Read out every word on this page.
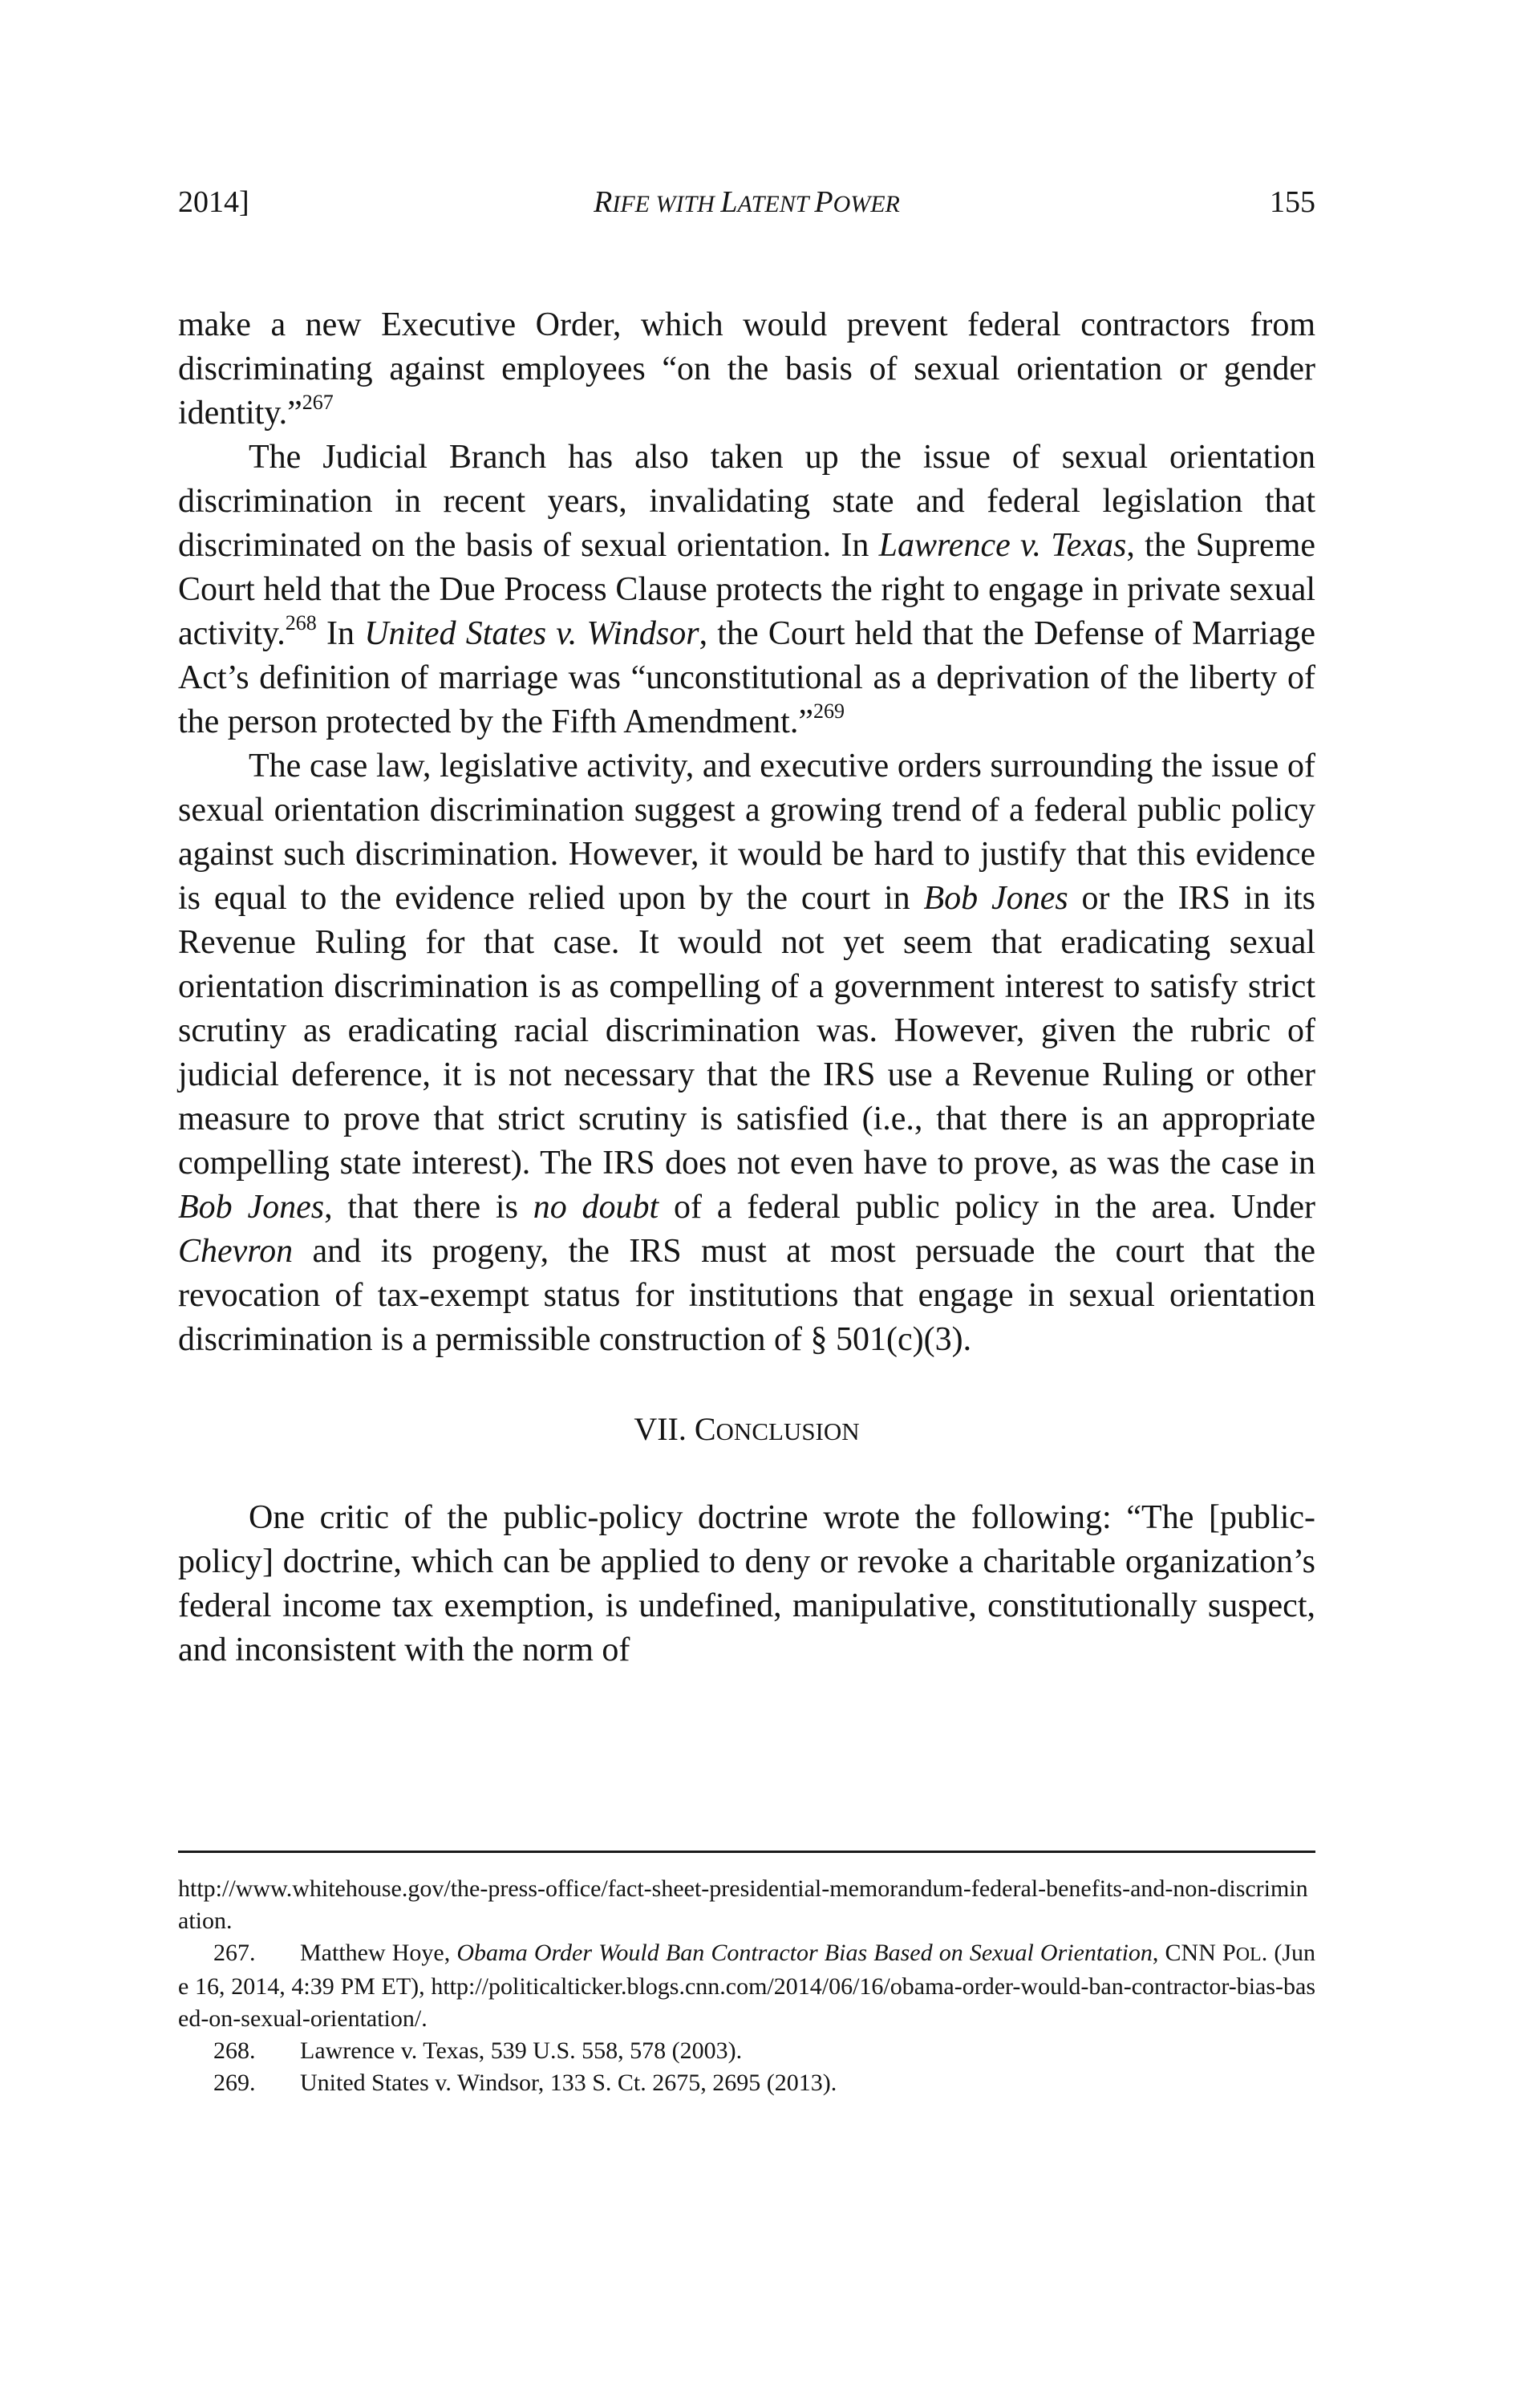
2014]	RIFE WITH LATENT POWER	155

make a new Executive Order, which would prevent federal contractors from discriminating against employees “on the basis of sexual orientation or gender identity.”$^{267}$

The Judicial Branch has also taken up the issue of sexual orientation discrimination in recent years, invalidating state and federal legislation that discriminated on the basis of sexual orientation. In Lawrence v. Texas, the Supreme Court held that the Due Process Clause protects the right to engage in private sexual activity.$^{268}$ In United States v. Windsor, the Court held that the Defense of Marriage Act’s definition of marriage was “unconstitutional as a deprivation of the liberty of the person protected by the Fifth Amendment.”$^{269}$

The case law, legislative activity, and executive orders surrounding the issue of sexual orientation discrimination suggest a growing trend of a federal public policy against such discrimination. However, it would be hard to justify that this evidence is equal to the evidence relied upon by the court in Bob Jones or the IRS in its Revenue Ruling for that case. It would not yet seem that eradicating sexual orientation discrimination is as compelling of a government interest to satisfy strict scrutiny as eradicating racial discrimination was. However, given the rubric of judicial deference, it is not necessary that the IRS use a Revenue Ruling or other measure to prove that strict scrutiny is satisfied (i.e., that there is an appropriate compelling state interest). The IRS does not even have to prove, as was the case in Bob Jones, that there is no doubt of a federal public policy in the area. Under Chevron and its progeny, the IRS must at most persuade the court that the revocation of tax-exempt status for institutions that engage in sexual orientation discrimination is a permissible construction of § 501(c)(3).

VII. CONCLUSION

One critic of the public-policy doctrine wrote the following: “The [public-policy] doctrine, which can be applied to deny or revoke a charitable organization’s federal income tax exemption, is undefined, manipulative, constitutionally suspect, and inconsistent with the norm of

http://www.whitehouse.gov/the-press-office/fact-sheet-presidential-memorandum-federal-benefits-and-non-discrimination.

267. Matthew Hoye, Obama Order Would Ban Contractor Bias Based on Sexual Orientation, CNN POL. (June 16, 2014, 4:39 PM ET), http://politicalticker.blogs.cnn.com/2014/06/16/obama-order-would-ban-contractor-bias-based-on-sexual-orientation/.

268. Lawrence v. Texas, 539 U.S. 558, 578 (2003).

269. United States v. Windsor, 133 S. Ct. 2675, 2695 (2013).
